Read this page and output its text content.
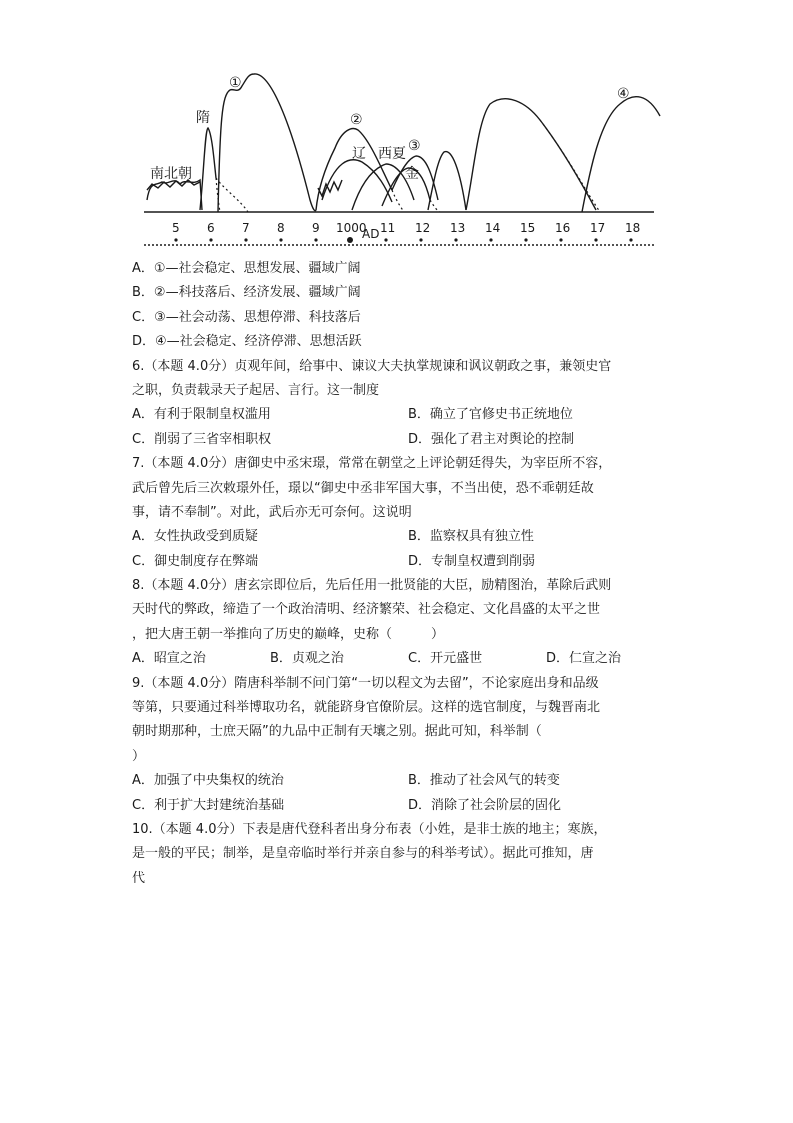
南北朝
隋
①
②
辽 西夏 ③
金
④
5 6 7 8 9 1000 11 12 13 14 15 16 17 18
AD
A．①—社会稳定、思想发展、疆域广阔
B．②—科技落后、经济发展、疆域广阔
C．③—社会动荡、思想停滞、科技落后
D．④—社会稳定、经济停滞、思想活跃
6.（本题 4.0分）贞观年间，给事中、谏议大夫执掌规谏和讽议朝政之事，兼领史官
之职，负责载录天子起居、言行。这一制度
A．有利于限制皇权滥用	B．确立了官修史书正统地位
C．削弱了三省宰相职权	D．强化了君主对舆论的控制
7.（本题 4.0分）唐御史中丞宋璟，常常在朝堂之上评论朝廷得失，为宰臣所不容，
武后曾先后三次敕璟外任，璟以“御史中丞非军国大事，不当出使，恐不乖朝廷故
事，请不奉制”。对此，武后亦无可奈何。这说明
A．女性执政受到质疑	B．监察权具有独立性
C．御史制度存在弊端	D．专制皇权遭到削弱
8.（本题 4.0分）唐玄宗即位后，先后任用一批贤能的大臣，励精图治，革除后武则
天时代的弊政，缔造了一个政治清明、经济繁荣、社会稳定、文化昌盛的太平之世
，把大唐王朝一举推向了历史的巅峰，史称（　　　）
A．昭宣之治	B．贞观之治	C．开元盛世	D．仁宣之治
9.（本题 4.0分）隋唐科举制不问门第“一切以程文为去留”，不论家庭出身和品级
等第，只要通过科举博取功名，就能跻身官僚阶层。这样的选官制度，与魏晋南北
朝时期那种，士庶天隔”的九品中正制有天壤之别。据此可知，科举制（
）
A．加强了中央集权的统治	B．推动了社会风气的转变
C．利于扩大封建统治基础	D．消除了社会阶层的固化
10.（本题 4.0分）下表是唐代登科者出身分布表（小姓，是非士族的地主；寒族，
是一般的平民；制举，是皇帝临时举行并亲自参与的科举考试）。据此可推知，唐
代
